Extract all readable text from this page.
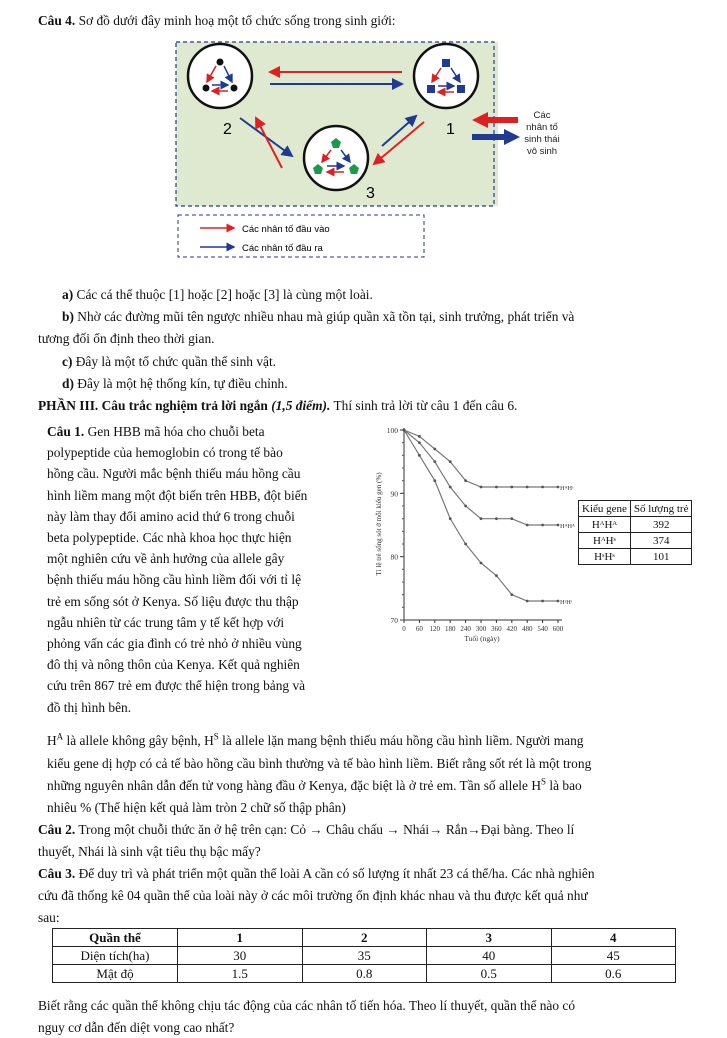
Câu 4. Sơ đồ dưới đây minh hoạ một tổ chức sống trong sinh giới:
2	1
3
Các
nhân tố
sinh thái
vô sinh
Các nhân tố đầu vào
Các nhân tố đầu ra
a) Các cá thể thuộc [1] hoặc [2] hoặc [3] là cùng một loài.
b) Nhờ các đường mũi tên ngược nhiều nhau mà giúp quần xã tồn tại, sinh trưởng, phát triển và
tương đối ổn định theo thời gian.
c) Đây là một tổ chức quần thể sinh vật.
d) Đây là một hệ thống kín, tự điều chỉnh.
PHẦN III. Câu trắc nghiệm trả lời ngắn (1,5 điểm). Thí sinh trả lời từ câu 1 đến câu 6.
Câu 1. Gen HBB mã hóa cho chuỗi beta
polypeptide của hemoglobin có trong tế bào
hồng cầu. Người mắc bệnh thiếu máu hồng cầu
hình liềm mang một đột biến trên HBB, đột biến
này làm thay đổi amino acid thứ 6 trong chuỗi
beta polypeptide. Các nhà khoa học thực hiện
một nghiên cứu về ảnh hưởng của allele gây
bệnh thiếu máu hồng cầu hình liềm đối với tỉ lệ
trẻ em sống sót ở Kenya. Số liệu được thu thập
ngẫu nhiên từ các trung tâm y tế kết hợp với
phỏng vấn các gia đình có trẻ nhỏ ở nhiều vùng
đô thị và nông thôn của Kenya. Kết quả nghiên
cứu trên 867 trẻ em được thể hiện trong bảng và
đồ thị hình bên.
Tỉ lệ trẻ sống sót ở mỗi kiểu gen (%)
Tuổi (ngày)
100
90
80
70
0 60 120 180 240 300 360 420 480 540 600
HᴬHˢ
HᴬHᴬ
HˢHˢ
Kiểu gene	Số lượng trẻ
HᴬHᴬ	392
HᴬHˢ	374
HˢHˢ	101
$H^A$ là allele không gây bệnh, $H^S$ là allele lặn mang bệnh thiếu máu hồng cầu hình liềm. Người mang
kiểu gene dị hợp có cả tế bào hồng cầu bình thường và tế bào hình liềm. Biết rằng sốt rét là một trong
những nguyên nhân dẫn đến tử vong hàng đầu ở Kenya, đặc biệt là ở trẻ em. Tần số allele $H^S$ là bao
nhiêu % (Thể hiện kết quả làm tròn 2 chữ số thập phân)
Câu 2. Trong một chuỗi thức ăn ở hệ trên cạn: Cỏ → Châu chấu → Nhái→ Rắn→Đại bàng. Theo lí
thuyết, Nhái là sinh vật tiêu thụ bậc mấy?
Câu 3. Để duy trì và phát triển một quần thể loài A cần có số lượng ít nhất 23 cá thể/ha. Các nhà nghiên
cứu đã thống kê 04 quần thể của loài này ở các môi trường ổn định khác nhau và thu được kết quả như
sau:
Quần thể	1	2	3	4
Diện tích(ha)	30	35	40	45
Mật độ	1.5	0.8	0.5	0.6
Biết rằng các quần thể không chịu tác động của các nhân tố tiến hóa. Theo lí thuyết, quần thể nào có
nguy cơ dẫn đến diệt vong cao nhất?
